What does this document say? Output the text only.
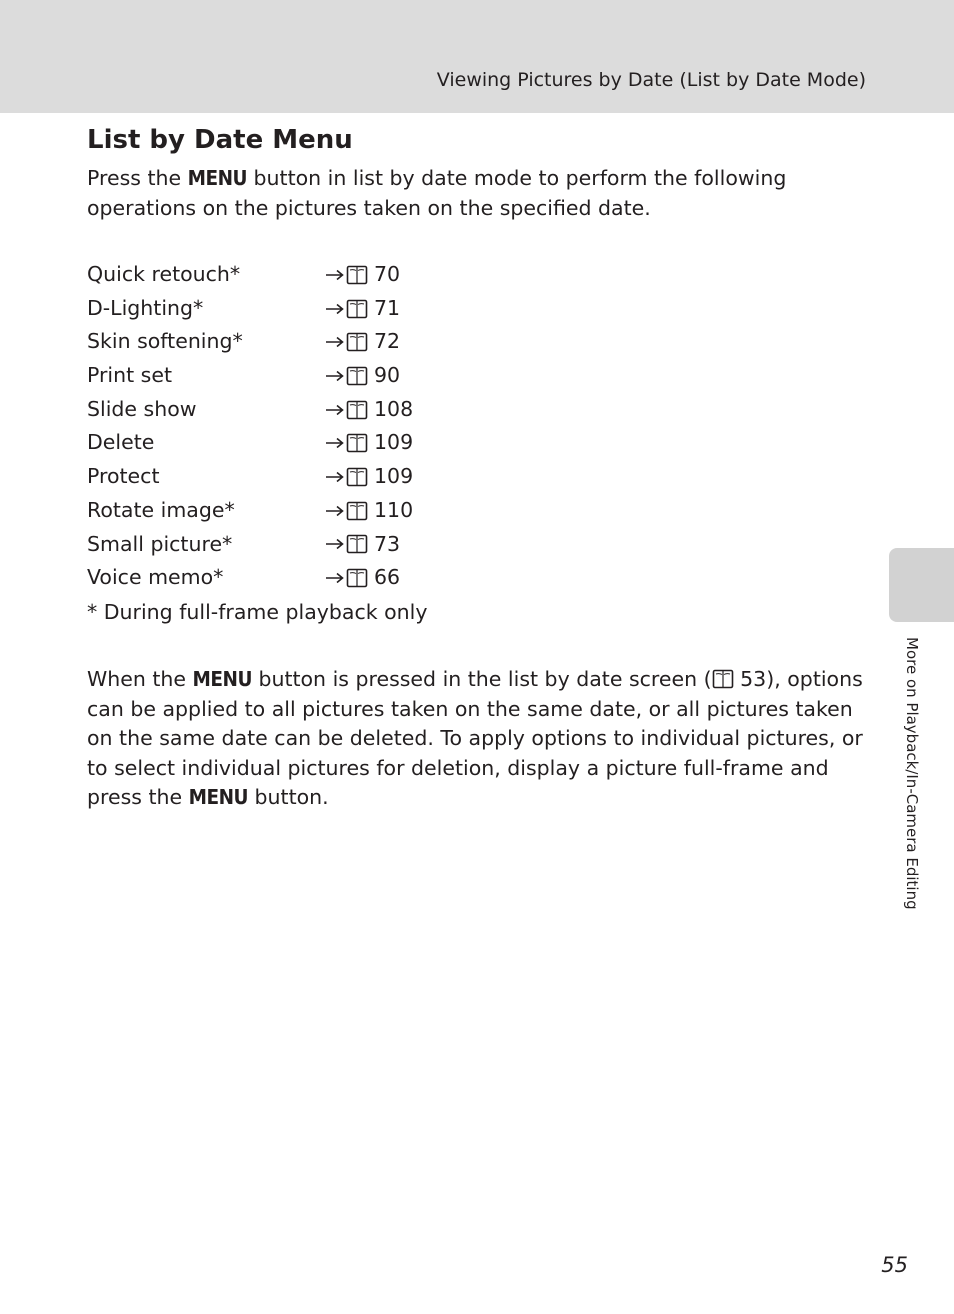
Viewing Pictures by Date (List by Date Mode)
List by Date Menu

Press the MENU button in list by date mode to perform the following operations on the pictures taken on the specified date.

Quick retouch*	70
D-Lighting*	71
Skin softening*	72
Print set	90
Slide show	108
Delete	109
Protect	109
Rotate image*	110
Small picture*	73
Voice memo*	66
* During full-frame playback only

When the MENU button is pressed in the list by date screen (
53), options can be applied to all pictures taken on the same date, or all pictures taken on the same date can be deleted. To apply options to individual pictures, or to select individual pictures for deletion, display a picture full-frame and press the MENU button.	More on Playback/In-Camera Editing
55
